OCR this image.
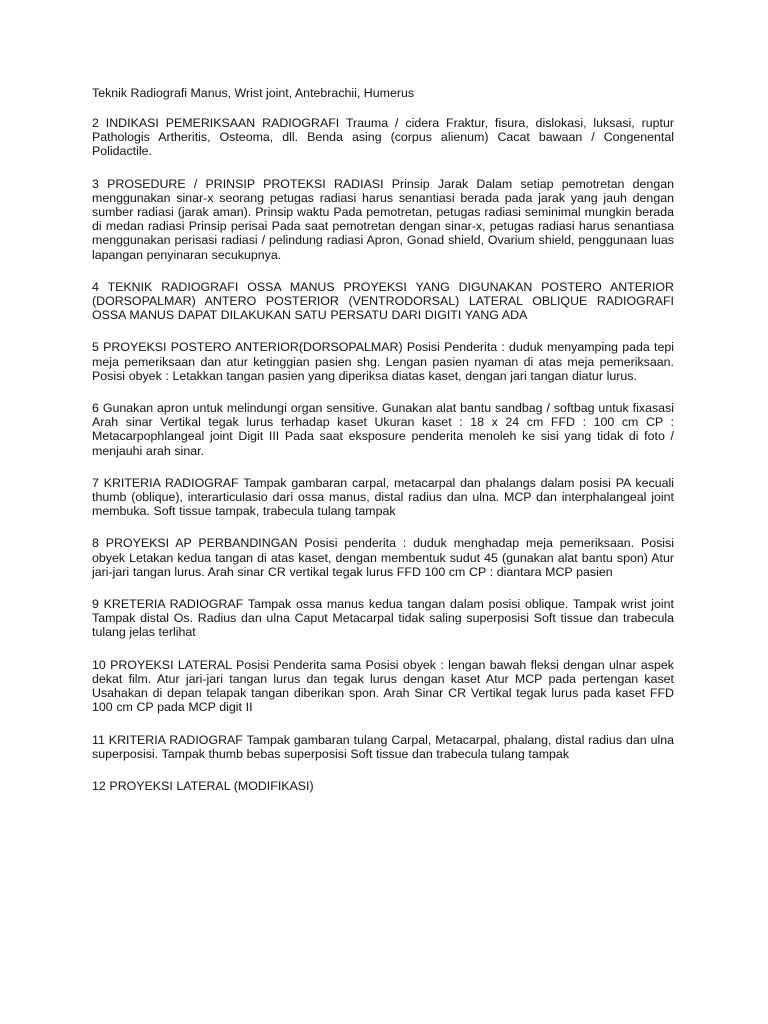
Teknik Radiografi Manus, Wrist joint, Antebrachii, Humerus

2 INDIKASI PEMERIKSAAN RADIOGRAFI Trauma / cidera Fraktur, fisura, dislokasi, luksasi, ruptur Pathologis Artheritis, Osteoma, dll. Benda asing (corpus alienum) Cacat bawaan / Congenental Polidactile.

3 PROSEDURE / PRINSIP PROTEKSI RADIASI Prinsip Jarak Dalam setiap pemotretan dengan menggunakan sinar-x seorang petugas radiasi harus senantiasi berada pada jarak yang jauh dengan sumber radiasi (jarak aman). Prinsip waktu Pada pemotretan, petugas radiasi seminimal mungkin berada di medan radiasi Prinsip perisai Pada saat pemotretan dengan sinar-x, petugas radiasi harus senantiasa menggunakan perisasi radiasi / pelindung radiasi Apron, Gonad shield, Ovarium shield, penggunaan luas lapangan penyinaran secukupnya.

4 TEKNIK RADIOGRAFI OSSA MANUS PROYEKSI YANG DIGUNAKAN POSTERO ANTERIOR (DORSOPALMAR) ANTERO POSTERIOR (VENTRODORSAL) LATERAL OBLIQUE RADIOGRAFI OSSA MANUS DAPAT DILAKUKAN SATU PERSATU DARI DIGITI YANG ADA

5 PROYEKSI POSTERO ANTERIOR(DORSOPALMAR) Posisi Penderita : duduk menyamping pada tepi meja pemeriksaan dan atur ketinggian pasien shg. Lengan pasien nyaman di atas meja pemeriksaan. Posisi obyek : Letakkan tangan pasien yang diperiksa diatas kaset, dengan jari tangan diatur lurus.

6 Gunakan apron untuk melindungi organ sensitive. Gunakan alat bantu sandbag / softbag untuk fixasasi Arah sinar Vertikal tegak lurus terhadap kaset Ukuran kaset : 18 x 24 cm FFD : 100 cm CP : Metacarpophlangeal joint Digit III Pada saat eksposure penderita menoleh ke sisi yang tidak di foto / menjauhi arah sinar.

7 KRITERIA RADIOGRAF Tampak gambaran carpal, metacarpal dan phalangs dalam posisi PA kecuali thumb (oblique), interarticulasio dari ossa manus, distal radius dan ulna. MCP dan interphalangeal joint membuka. Soft tissue tampak, trabecula tulang tampak

8 PROYEKSI AP PERBANDINGAN Posisi penderita : duduk menghadap meja pemeriksaan. Posisi obyek Letakan kedua tangan di atas kaset, dengan membentuk sudut 45 (gunakan alat bantu spon) Atur jari-jari tangan lurus. Arah sinar CR vertikal tegak lurus FFD 100 cm CP : diantara MCP pasien

9 KRETERIA RADIOGRAF Tampak ossa manus kedua tangan dalam posisi oblique. Tampak wrist joint Tampak distal Os. Radius dan ulna Caput Metacarpal tidak saling superposisi Soft tissue dan trabecula tulang jelas terlihat

10 PROYEKSI LATERAL Posisi Penderita sama Posisi obyek : lengan bawah fleksi dengan ulnar aspek dekat film. Atur jari-jari tangan lurus dan tegak lurus dengan kaset Atur MCP pada pertengan kaset Usahakan di depan telapak tangan diberikan spon. Arah Sinar CR Vertikal tegak lurus pada kaset FFD 100 cm CP pada MCP digit II

11 KRITERIA RADIOGRAF Tampak gambaran tulang Carpal, Metacarpal, phalang, distal radius dan ulna superposisi. Tampak thumb bebas superposisi Soft tissue dan trabecula tulang tampak

12 PROYEKSI LATERAL (MODIFIKASI)
